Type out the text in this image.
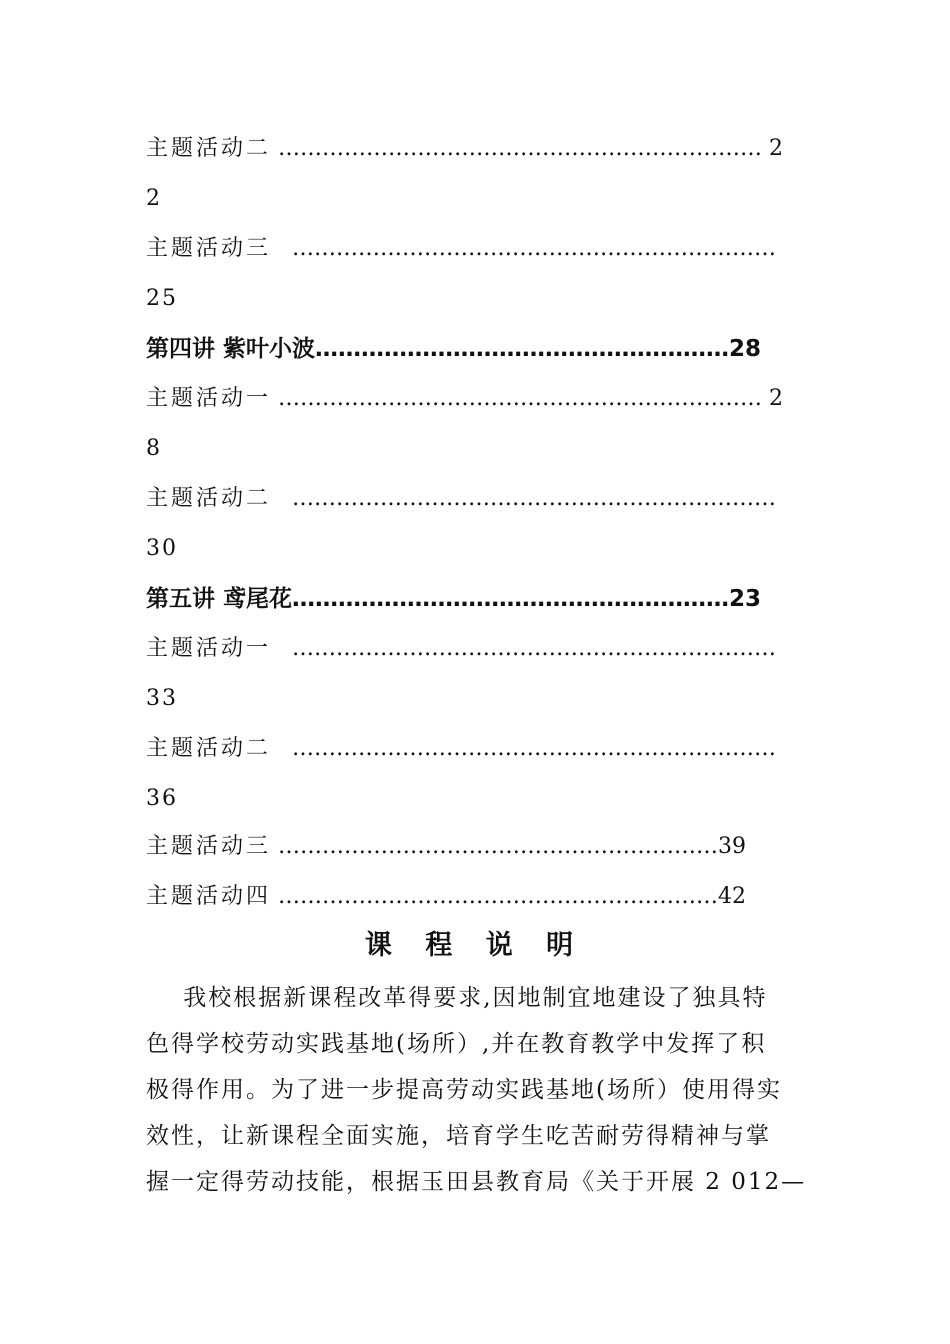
主题活动二 ………………………………………………………… 2
2
主题活动三 …………………………………………………………
25
第四讲 紫叶小波………………………………………………28
主题活动一 ………………………………………………………… 2
8
主题活动二 …………………………………………………………
30
第五讲 鸢尾花…………………………………………………23
主题活动一 …………………………………………………………
33
主题活动二 …………………………………………………………
36
主题活动三 ……………………………………………………39
主题活动四 ……………………………………………………42
课 程 说 明
我校根据新课程改革得要求,因地制宜地建设了独具特
色得学校劳动实践基地(场所）,并在教育教学中发挥了积
极得作用。为了进一步提高劳动实践基地(场所）使用得实
效性，让新课程全面实施，培育学生吃苦耐劳得精神与掌
握一定得劳动技能，根据玉田县教育局《关于开展 2 012—
